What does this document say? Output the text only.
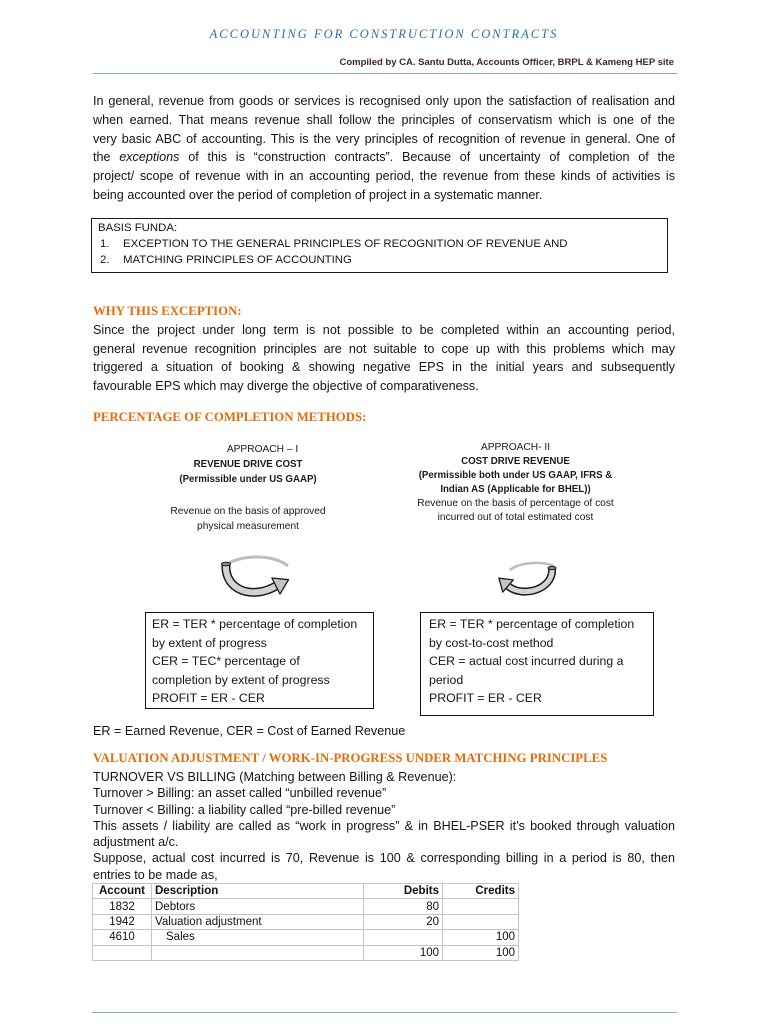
ACCOUNTING FOR CONSTRUCTION CONTRACTS
Compiled by CA. Santu Dutta, Accounts Officer, BRPL & Kameng HEP site
In general, revenue from goods or services is recognised only upon the satisfaction of realisation and
when earned. That means revenue shall follow the principles of conservatism which is one of the
very basic ABC of accounting. This is the very principles of recognition of revenue in general. One of
the exceptions of this is “construction contracts”. Because of uncertainty of completion of the
project/ scope of revenue with in an accounting period, the revenue from these kinds of activities is
being accounted over the period of completion of project in a systematic manner.
BASIS FUNDA:
1. EXCEPTION TO THE GENERAL PRINCIPLES OF RECOGNITION OF REVENUE AND
2. MATCHING PRINCIPLES OF ACCOUNTING
WHY THIS EXCEPTION:
Since the project under long term is not possible to be completed within an accounting period,
general revenue recognition principles are not suitable to cope up with this problems which may
triggered a situation of booking & showing negative EPS in the initial years and subsequently
favourable EPS which may diverge the objective of comparativeness.
PERCENTAGE OF COMPLETION METHODS:
APPROACH – I
REVENUE DRIVE COST
(Permissible under US GAAP)
Revenue on the basis of approved
physical measurement
APPROACH- II
COST DRIVE REVENUE
(Permissible both under US GAAP, IFRS &
Indian AS (Applicable for BHEL))
Revenue on the basis of percentage of cost
incurred out of total estimated cost
ER = TER * percentage of completion
by extent of progress
CER = TEC* percentage of
completion by extent of progress
PROFIT = ER - CER
ER = TER * percentage of completion
by cost-to-cost method
CER = actual cost incurred during a
period
PROFIT = ER - CER
ER = Earned Revenue, CER = Cost of Earned Revenue
VALUATION ADJUSTMENT / WORK-IN-PROGRESS UNDER MATCHING PRINCIPLES
TURNOVER VS BILLING (Matching between Billing & Revenue):
Turnover > Billing: an asset called “unbilled revenue”
Turnover < Billing: a liability called “pre-billed revenue”
This assets / liability are called as “work in progress” & in BHEL-PSER it’s booked through valuation
adjustment a/c.
Suppose, actual cost incurred is 70, Revenue is 100 & corresponding billing in a period is 80, then
entries to be made as,
Account	Description	Debits	Credits
1832	Debtors	80	
1942	Valuation adjustment	20	
4610	Sales		100
		100	100
